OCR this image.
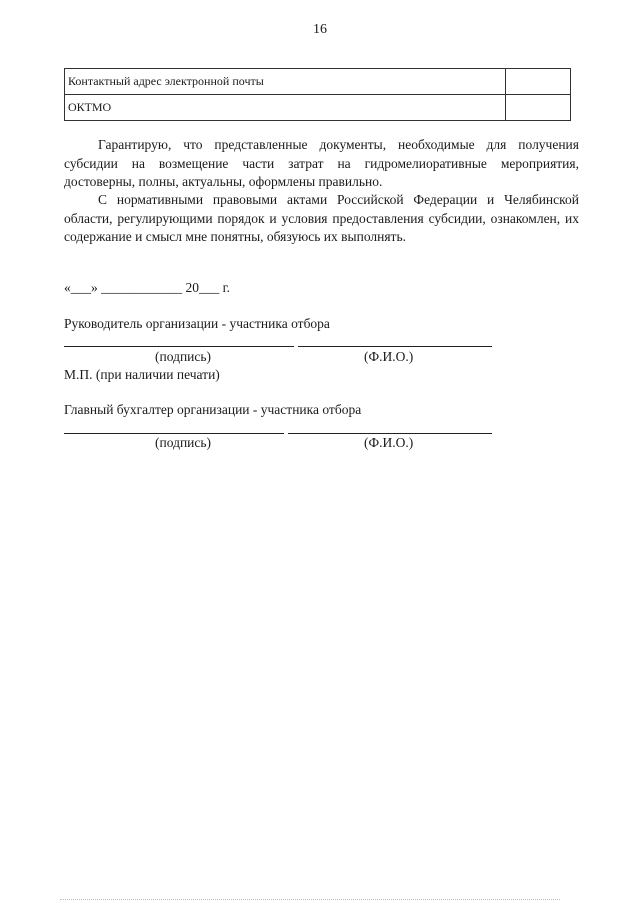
16
Контактный адрес электронной почты	
ОКТМО	

Гарантирую, что представленные документы, необходимые для получения субсидии на возмещение части затрат на гидромелиоративные мероприятия, достоверны, полны, актуальны, оформлены правильно.

С нормативными правовыми актами Российской Федерации и Челябинской области, регулирующими порядок и условия предоставления субсидии, ознакомлен, их содержание и смысл мне понятны, обязуюсь их выполнять.

«___» ____________ 20___ г.
Руководитель организации - участника отбора
(подпись)	(Ф.И.О.)
М.П. (при наличии печати)
Главный бухгалтер организации - участника отбора
(подпись)	(Ф.И.О.)
